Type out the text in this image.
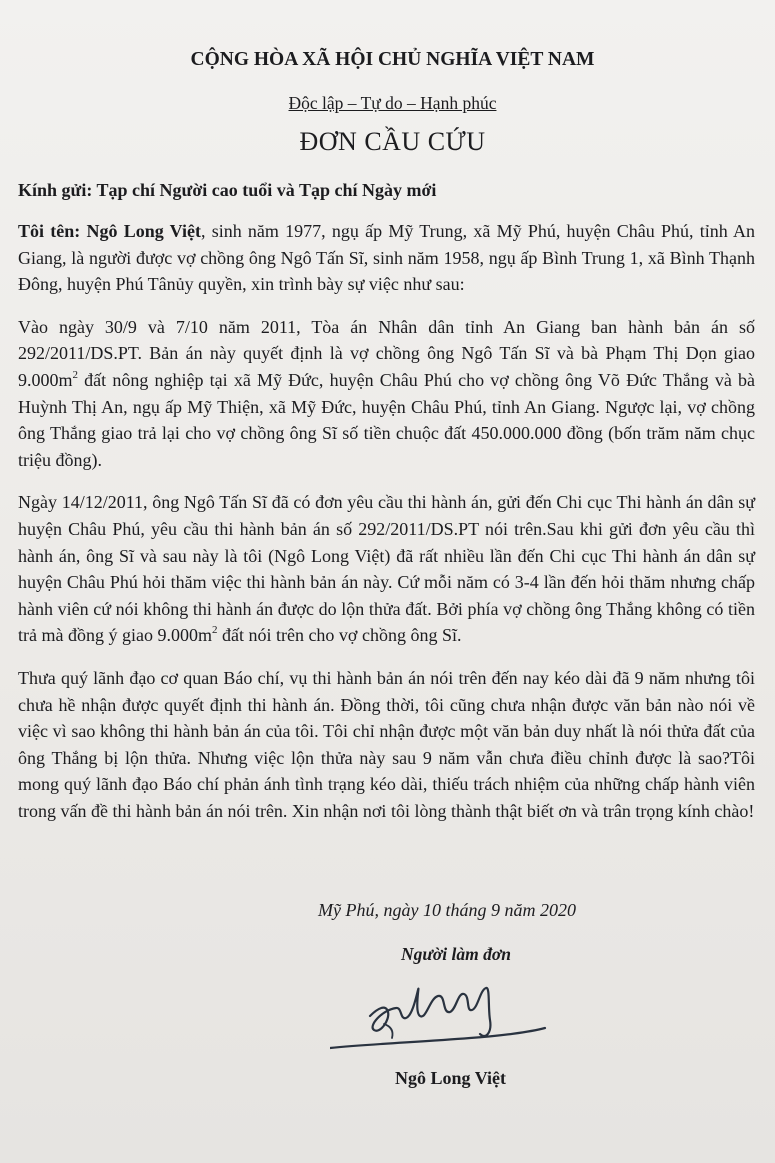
CỘNG HÒA XÃ HỘI CHỦ NGHĨA VIỆT NAM
Độc lập – Tự do – Hạnh phúc
ĐƠN CẦU CỨU
Kính gửi: Tạp chí Người cao tuổi và Tạp chí Ngày mới

Tôi tên: Ngô Long Việt, sinh năm 1977, ngụ ấp Mỹ Trung, xã Mỹ Phú, huyện Châu Phú, tỉnh An Giang, là người được vợ chồng ông Ngô Tấn Sĩ, sinh năm 1958, ngụ ấp Bình Trung 1, xã Bình Thạnh Đông, huyện Phú Tânủy quyền, xin trình bày sự việc như sau:

Vào ngày 30/9 và 7/10 năm 2011, Tòa án Nhân dân tỉnh An Giang ban hành bản án số 292/2011/DS.PT. Bản án này quyết định là vợ chồng ông Ngô Tấn Sĩ và bà Phạm Thị Dọn giao $9.000m^2$ đất nông nghiệp tại xã Mỹ Đức, huyện Châu Phú cho vợ chồng ông Võ Đức Thắng và bà Huỳnh Thị An, ngụ ấp Mỹ Thiện, xã Mỹ Đức, huyện Châu Phú, tỉnh An Giang. Ngược lại, vợ chồng ông Thắng giao trả lại cho vợ chồng ông Sĩ số tiền chuộc đất 450.000.000 đồng (bốn trăm năm chục triệu đồng).

Ngày 14/12/2011, ông Ngô Tấn Sĩ đã có đơn yêu cầu thi hành án, gửi đến Chi cục Thi hành án dân sự huyện Châu Phú, yêu cầu thi hành bản án số 292/2011/DS.PT nói trên.Sau khi gửi đơn yêu cầu thì hành án, ông Sĩ và sau này là tôi (Ngô Long Việt) đã rất nhiều lần đến Chi cục Thi hành án dân sự huyện Châu Phú hỏi thăm việc thi hành bản án này. Cứ mỗi năm có 3-4 lần đến hỏi thăm nhưng chấp hành viên cứ nói không thi hành án được do lộn thửa đất. Bởi phía vợ chồng ông Thắng không có tiền trả mà đồng ý giao $9.000m^2$ đất nói trên cho vợ chồng ông Sĩ.

Thưa quý lãnh đạo cơ quan Báo chí, vụ thi hành bản án nói trên đến nay kéo dài đã 9 năm nhưng tôi chưa hề nhận được quyết định thi hành án. Đồng thời, tôi cũng chưa nhận được văn bản nào nói về việc vì sao không thi hành bản án của tôi. Tôi chỉ nhận được một văn bản duy nhất là nói thửa đất của ông Thắng bị lộn thửa. Nhưng việc lộn thửa này sau 9 năm vẫn chưa điều chỉnh được là sao?Tôi mong quý lãnh đạo Báo chí phản ánh tình trạng kéo dài, thiếu trách nhiệm của những chấp hành viên trong vấn đề thi hành bản án nói trên. Xin nhận nơi tôi lòng thành thật biết ơn và trân trọng kính chào!

Mỹ Phú, ngày 10 tháng 9 năm 2020
Người làm đơn
Ngô Long Việt
